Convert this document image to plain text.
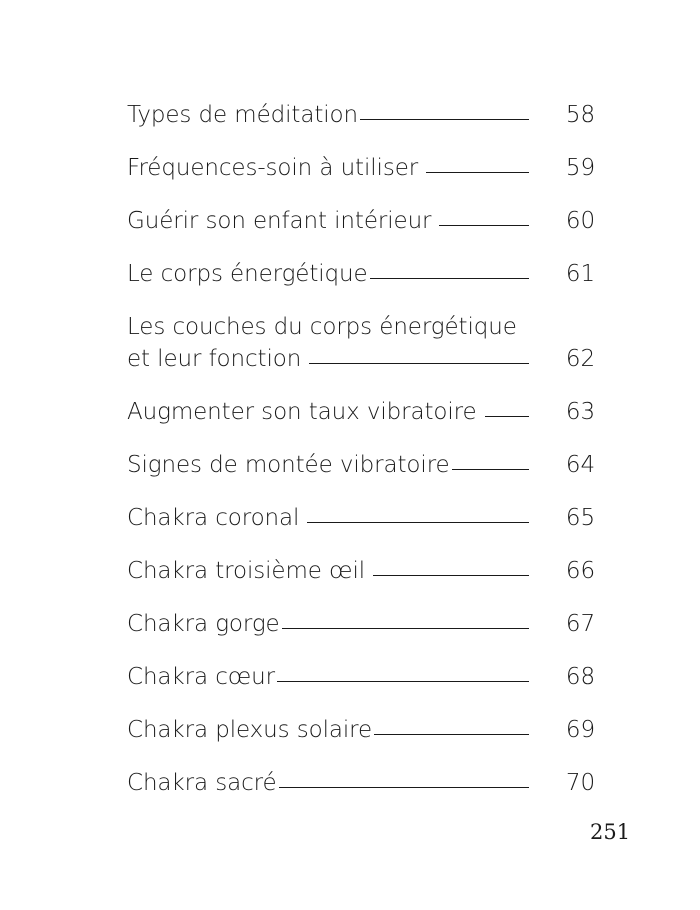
Types de méditation	58
Fréquences-soin à utiliser	59
Guérir son enfant intérieur	60
Le corps énergétique	61
Les couches du corps énergétique
et leur fonction	62
Augmenter son taux vibratoire	63
Signes de montée vibratoire	64
Chakra coronal	65
Chakra troisième œil	66
Chakra gorge	67
Chakra cœur	68
Chakra plexus solaire	69
Chakra sacré	70
251
